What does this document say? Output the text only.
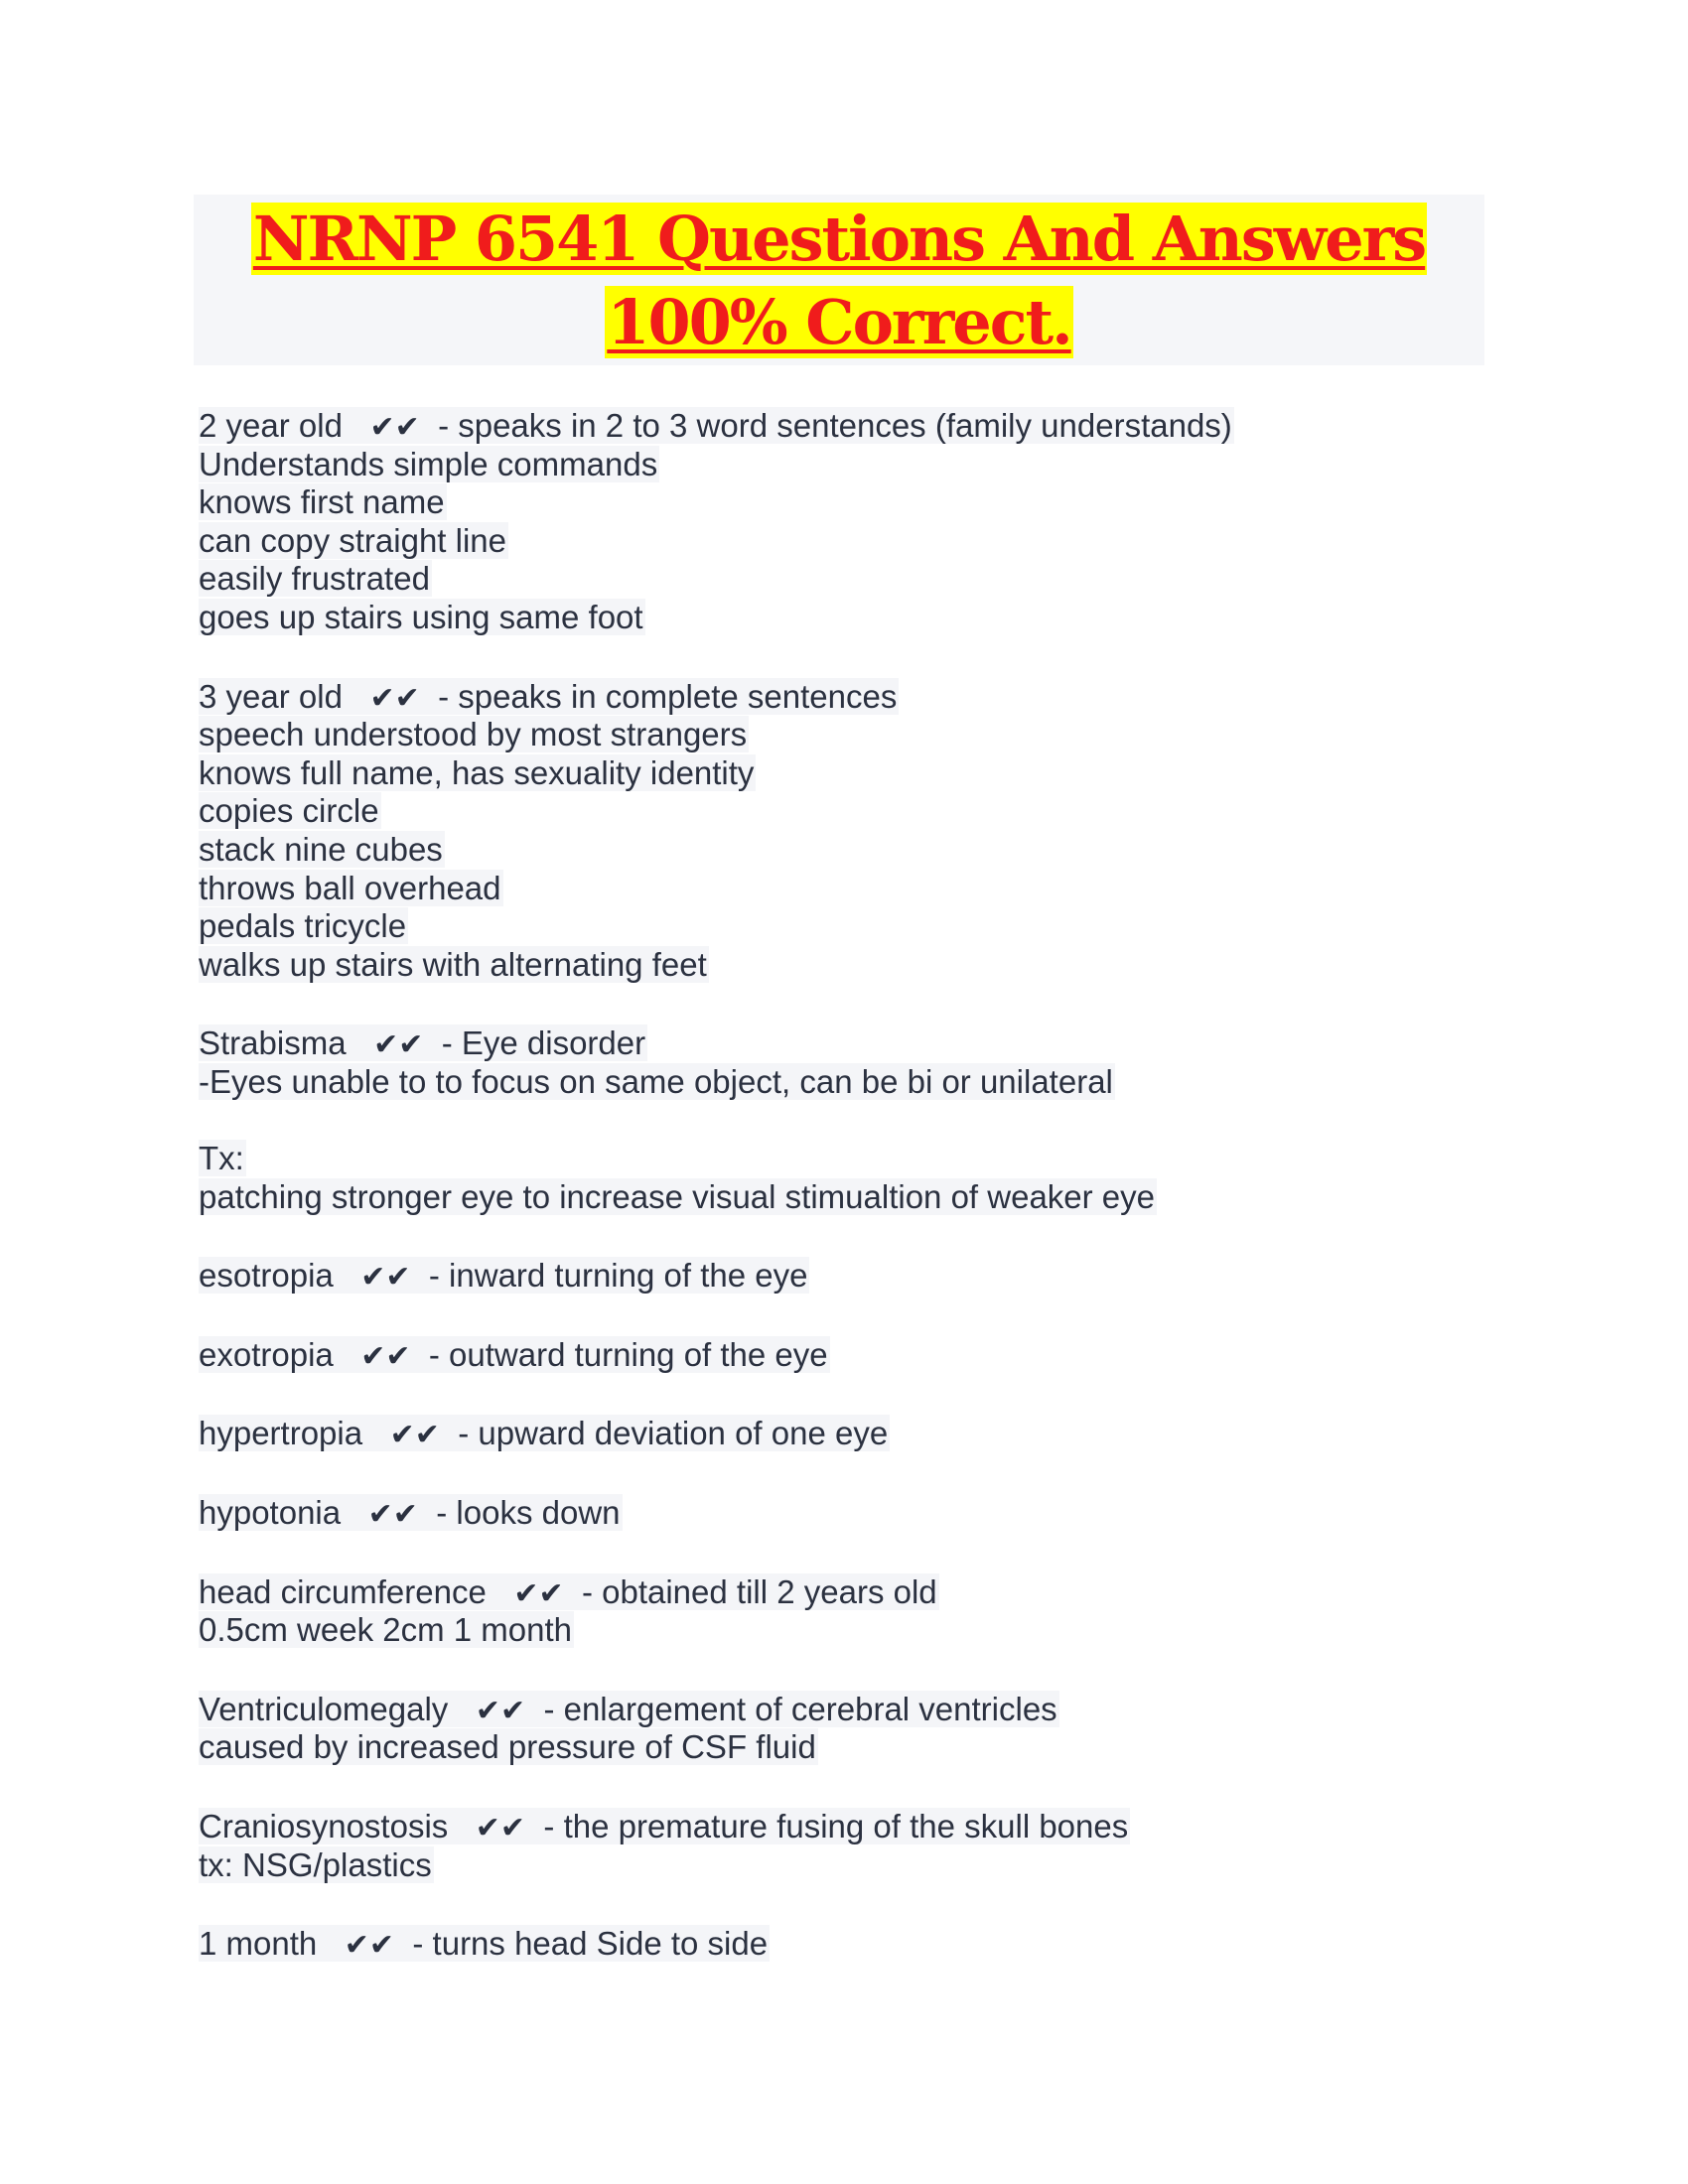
NRNP 6541 Questions And Answers
100% Correct.
2 year old ✔✔  - speaks in 2 to 3 word sentences (family understands)
Understands simple commands
knows first name
can copy straight line
easily frustrated
goes up stairs using same foot
3 year old ✔✔  - speaks in complete sentences
speech understood by most strangers
knows full name, has sexuality identity
copies circle
stack nine cubes
throws ball overhead
pedals tricycle
walks up stairs with alternating feet
Strabisma ✔✔  - Eye disorder
-Eyes unable to to focus on same object, can be bi or unilateral
Tx:
patching stronger eye to increase visual stimualtion of weaker eye
esotropia ✔✔  - inward turning of the eye
exotropia ✔✔  - outward turning of the eye
hypertropia ✔✔  - upward deviation of one eye
hypotonia ✔✔  - looks down
head circumference ✔✔  - obtained till 2 years old
0.5cm week 2cm 1 month
Ventriculomegaly ✔✔  - enlargement of cerebral ventricles
caused by increased pressure of CSF fluid
Craniosynostosis ✔✔  - the premature fusing of the skull bones
tx: NSG/plastics
1 month ✔✔  - turns head Side to side
